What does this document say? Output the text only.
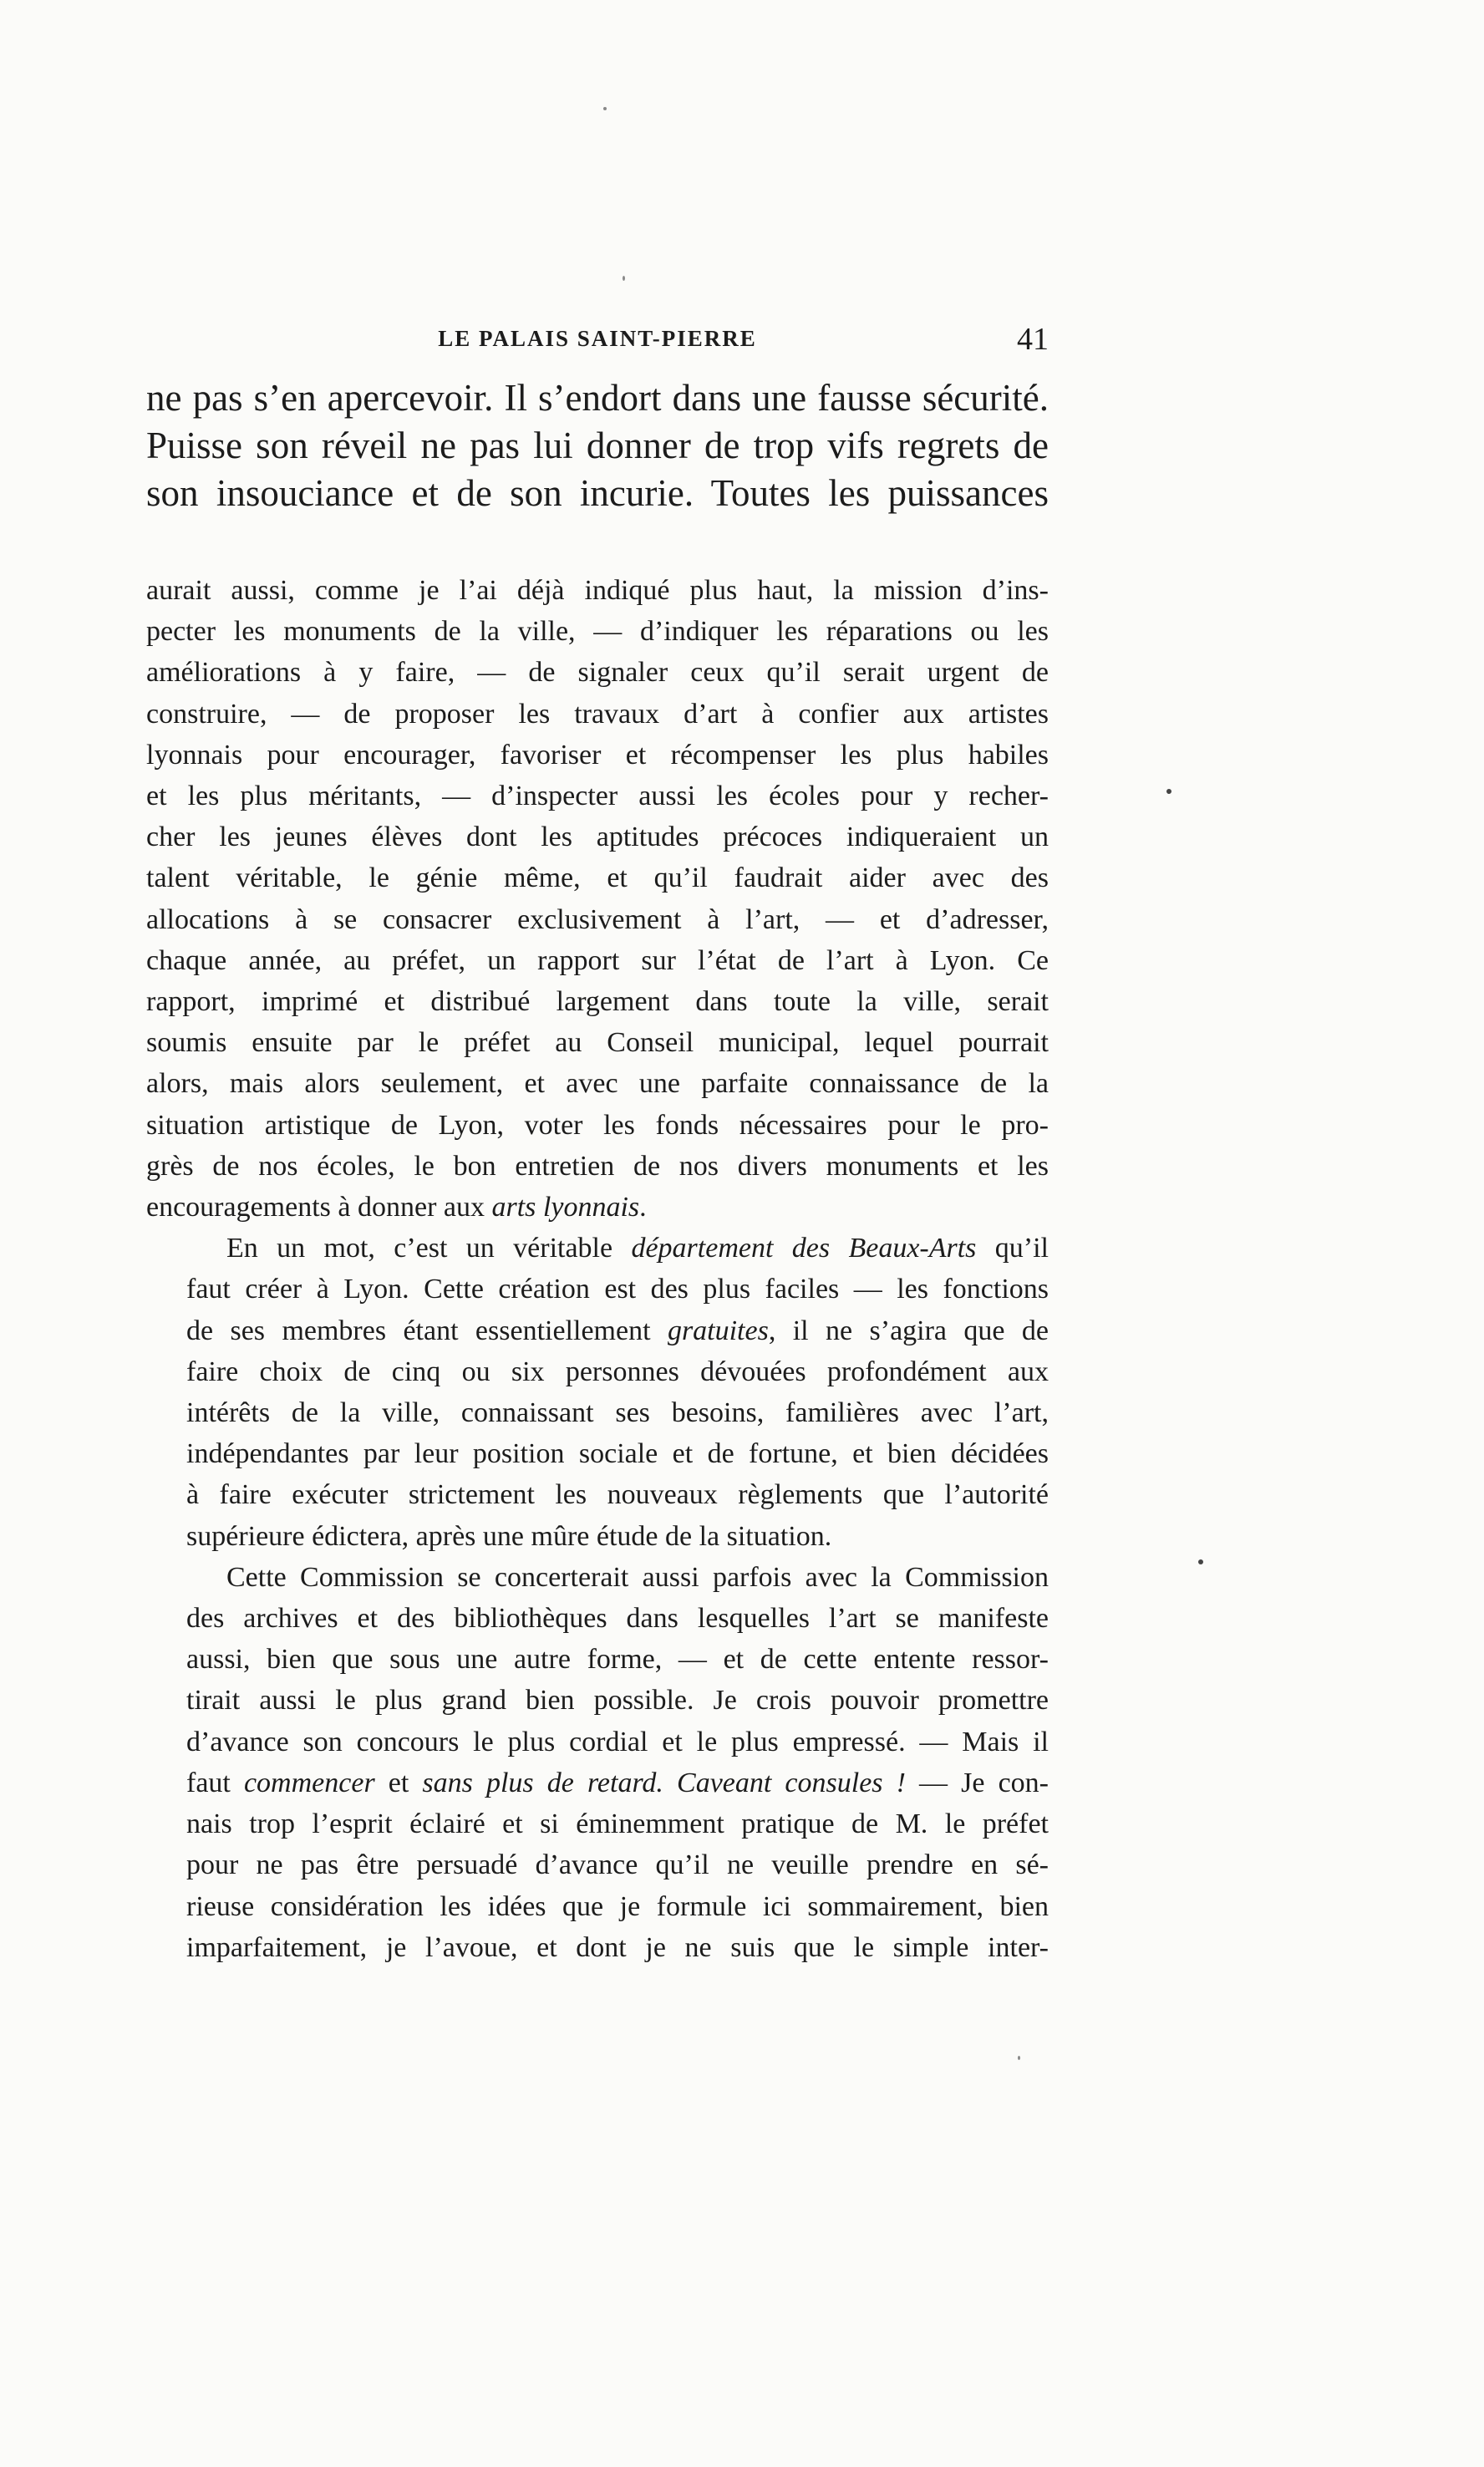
LE PALAIS SAINT-PIERRE	41
ne pas s’en apercevoir. Il s’endort dans une fausse sécurité.
Puisse son réveil ne pas lui donner de trop vifs regrets de
son insouciance et de son incurie. Toutes les puissances

aurait aussi, comme je l’ai déjà indiqué plus haut, la mission d’ins-
pecter les monuments de la ville, — d’indiquer les réparations ou les
améliorations à y faire, — de signaler ceux qu’il serait urgent de
construire, — de proposer les travaux d’art à confier aux artistes
lyonnais pour encourager, favoriser et récompenser les plus habiles
et les plus méritants, — d’inspecter aussi les écoles pour y recher-
cher les jeunes élèves dont les aptitudes précoces indiqueraient un
talent véritable, le génie même, et qu’il faudrait aider avec des
allocations à se consacrer exclusivement à l’art, — et d’adresser,
chaque année, au préfet, un rapport sur l’état de l’art à Lyon. Ce
rapport, imprimé et distribué largement dans toute la ville, serait
soumis ensuite par le préfet au Conseil municipal, lequel pourrait
alors, mais alors seulement, et avec une parfaite connaissance de la
situation artistique de Lyon, voter les fonds nécessaires pour le pro-
grès de nos écoles, le bon entretien de nos divers monuments et les
encouragements à donner aux arts lyonnais.

En un mot, c’est un véritable département des Beaux-Arts qu’il
faut créer à Lyon. Cette création est des plus faciles — les fonctions
de ses membres étant essentiellement gratuites, il ne s’agira que de
faire choix de cinq ou six personnes dévouées profondément aux
intérêts de la ville, connaissant ses besoins, familières avec l’art,
indépendantes par leur position sociale et de fortune, et bien décidées
à faire exécuter strictement les nouveaux règlements que l’autorité
supérieure édictera, après une mûre étude de la situation.

Cette Commission se concerterait aussi parfois avec la Commission
des archives et des bibliothèques dans lesquelles l’art se manifeste
aussi, bien que sous une autre forme, — et de cette entente ressor-
tirait aussi le plus grand bien possible. Je crois pouvoir promettre
d’avance son concours le plus cordial et le plus empressé. — Mais il
faut commencer et sans plus de retard. Caveant consules ! — Je con-
nais trop l’esprit éclairé et si éminemment pratique de M. le préfet
pour ne pas être persuadé d’avance qu’il ne veuille prendre en sé-
rieuse considération les idées que je formule ici sommairement, bien
imparfaitement, je l’avoue, et dont je ne suis que le simple inter-
